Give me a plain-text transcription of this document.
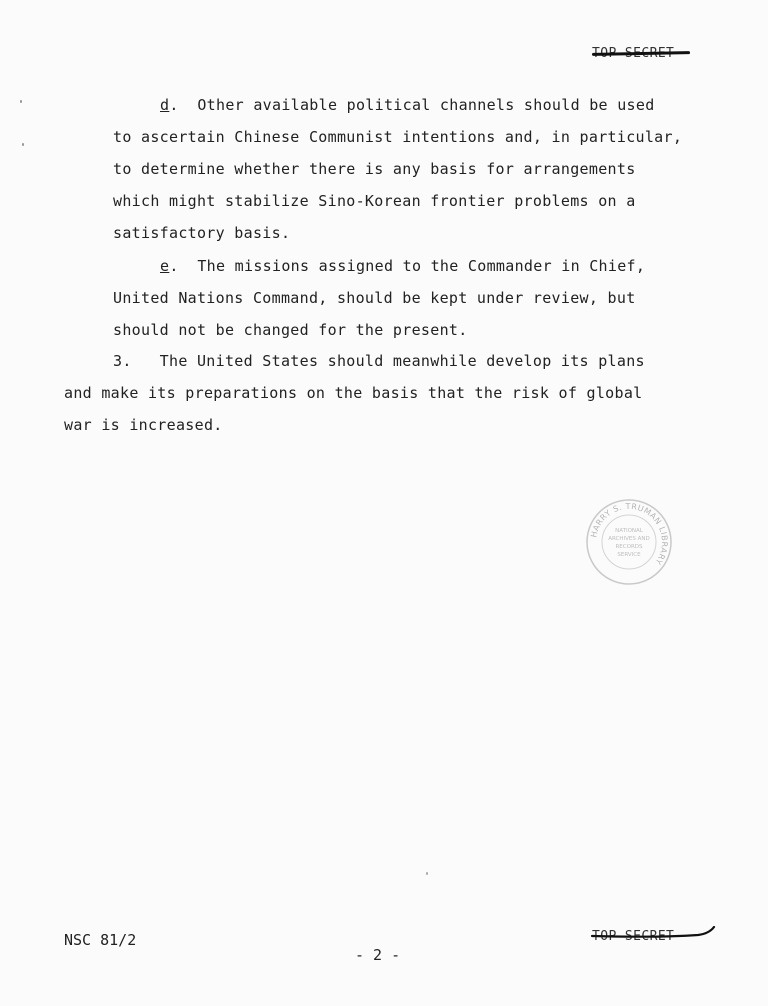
d.  Other available political channels should be used
to ascertain Chinese Communist intentions and, in particular,
to determine whether there is any basis for arrangements
which might stabilize Sino-Korean frontier problems on a
satisfactory basis.
e.  The missions assigned to the Commander in Chief,
United Nations Command, should be kept under review, but
should not be changed for the present.
3.   The United States should meanwhile develop its plans
and make its preparations on the basis that the risk of global
war is increased.
HARRY S. TRUMAN LIBRARY
NATIONAL
ARCHIVES AND
RECORDS
SERVICE
NSC 81/2
- 2 -
TOP SECRET
